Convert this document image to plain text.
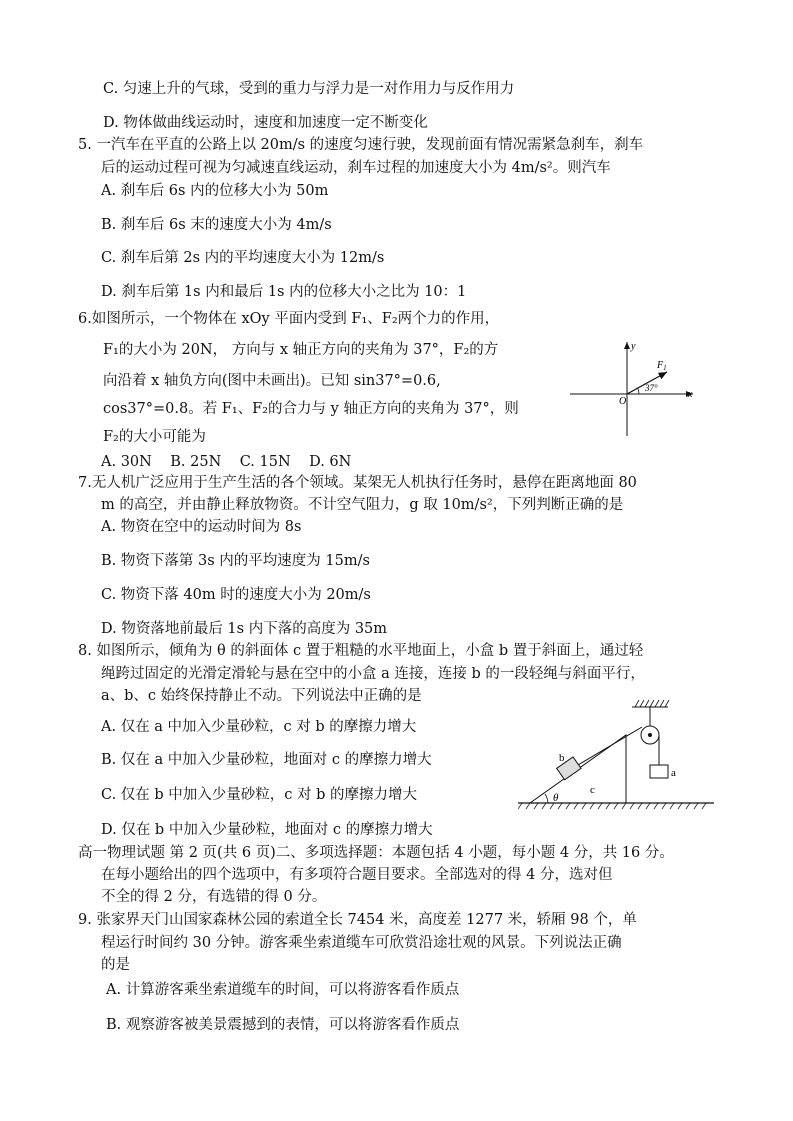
C. 匀速上升的气球，受到的重力与浮力是一对作用力与反作用力
D. 物体做曲线运动时，速度和加速度一定不断变化
5. 一汽车在平直的公路上以 20m/s 的速度匀速行驶，发现前面有情况需紧急刹车，刹车
后的运动过程可视为匀减速直线运动，刹车过程的加速度大小为 4m/s²。则汽车
A. 刹车后 6s 内的位移大小为 50m
B. 刹车后 6s 末的速度大小为 4m/s
C. 刹车后第 2s 内的平均速度大小为 12m/s
D. 刹车后第 1s 内和最后 1s 内的位移大小之比为 10：1
6.如图所示，一个物体在 xOy 平面内受到 F₁、F₂两个力的作用，
F₁的大小为 20N， 方向与 x 轴正方向的夹角为 37°，F₂的方
向沿着 x 轴负方向(图中未画出)。已知 sin37°=0.6,
cos37°=0.8。若 F₁、F₂的合力与 y 轴正方向的夹角为 37°，则
F₂的大小可能为
A. 30N    B. 25N    C. 15N    D. 6N
7.无人机广泛应用于生产生活的各个领域。某架无人机执行任务时，悬停在距离地面 80
m 的高空，并由静止释放物资。不计空气阻力，g 取 10m/s²，下列判断正确的是
A. 物资在空中的运动时间为 8s
B. 物资下落第 3s 内的平均速度为 15m/s
C. 物资下落 40m 时的速度大小为 20m/s
D. 物资落地前最后 1s 内下落的高度为 35m
8. 如图所示，倾角为 θ 的斜面体 c 置于粗糙的水平地面上，小盒 b 置于斜面上，通过轻
绳跨过固定的光滑定滑轮与悬在空中的小盒 a 连接，连接 b 的一段轻绳与斜面平行，
a、b、c 始终保持静止不动。下列说法中正确的是
A. 仅在 a 中加入少量砂粒，c 对 b 的摩擦力增大
B. 仅在 a 中加入少量砂粒，地面对 c 的摩擦力增大
C. 仅在 b 中加入少量砂粒，c 对 b 的摩擦力增大
D. 仅在 b 中加入少量砂粒，地面对 c 的摩擦力增大
高一物理试题 第 2 页(共 6 页)二、多项选择题：本题包括 4 小题，每小题 4 分，共 16 分。
在每小题给出的四个选项中，有多项符合题目要求。全部选对的得 4 分，选对但
不全的得 2 分，有选错的得 0 分。
9. 张家界天门山国家森林公园的索道全长 7454 米，高度差 1277 米，轿厢 98 个，单
程运行时间约 30 分钟。游客乘坐索道缆车可欣赏沿途壮观的风景。下列说法正确
的是
A. 计算游客乘坐索道缆车的时间，可以将游客看作质点
B. 观察游客被美景震撼到的表情，可以将游客看作质点
y
x
O
$F_1$
37°
θ
c
b
a
